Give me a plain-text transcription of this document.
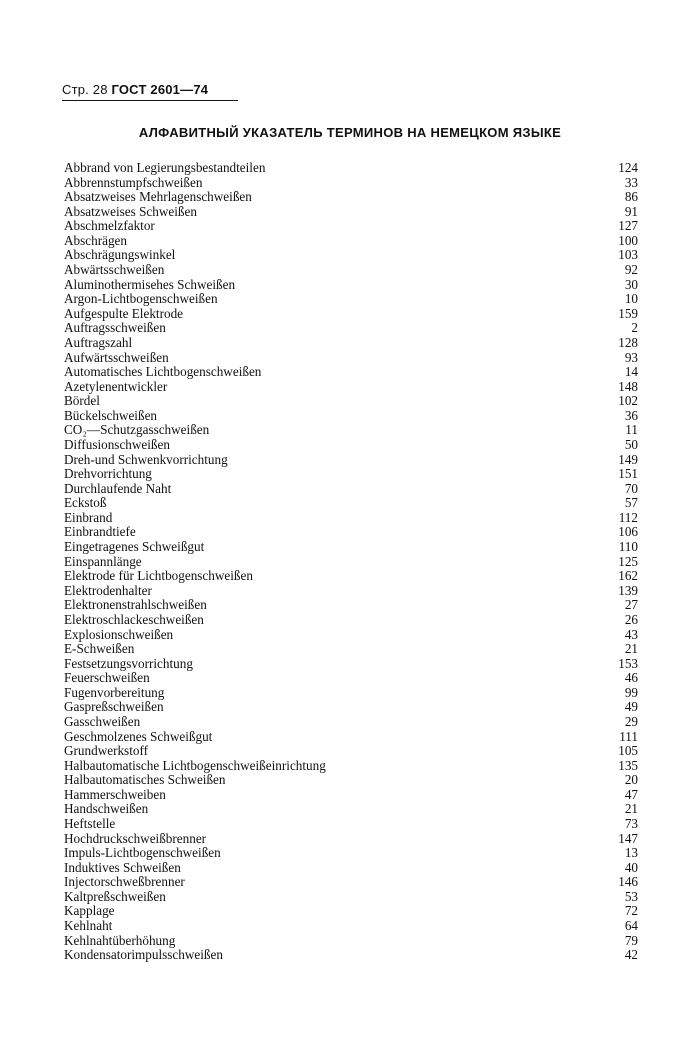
Стр. 28 ГОСТ 2601—74
АЛФАВИТНЫЙ УКАЗАТЕЛЬ ТЕРМИНОВ НА НЕМЕЦКОМ ЯЗЫКЕ
Abbrand von Legierungsbestandteilen	124
Abbrennstumpfschweißen	33
Absatzweises Mehrlagenschweißen	86
Absatzweises Schweißen	91
Abschmelzfaktor	127
Abschrägen	100
Abschrägungswinkel	103
Abwärtsschweißen	92
Aluminothermisehes Schweißen	30
Argon-Lichtbogenschweißen	10
Aufgespulte Elektrode	159
Auftragsschweißen	2
Auftragszahl	128
Aufwärtsschweißen	93
Automatisches Lichtbogenschweißen	14
Azetylenentwickler	148
Bördel	102
Bückelschweißen	36
CO₂—Schutzgasschweißen	11
Diffusionschweißen	50
Dreh-und Schwenkvorrichtung	149
Drehvorrichtung	151
Durchlaufende Naht	70
Eckstoß	57
Einbrand	112
Einbrandtiefe	106
Eingetragenes Schweißgut	110
Einspannlänge	125
Elektrode für Lichtbogenschweißen	162
Elektrodenhalter	139
Elektronenstrahlschweißen	27
Elektroschlackeschweißen	26
Explosionschweißen	43
E-Schweißen	21
Festsetzungsvorrichtung	153
Feuerschweißen	46
Fugenvorbereitung	99
Gaspreßschweißen	49
Gasschweißen	29
Geschmolzenes Schweißgut	111
Grundwerkstoff	105
Halbautomatische Lichtbogenschweißeinrichtung	135
Halbautomatisches Schweißen	20
Hammerschweiben	47
Handschweißen	21
Heftstelle	73
Hochdruckschweißbrenner	147
Impuls-Lichtbogenschweißen	13
Induktives Schweißen	40
Injectorschweßbrenner	146
Kaltpreßschweißen	53
Kapplage	72
Kehlnaht	64
Kehlnahtüberhöhung	79
Kondensatorimpulsschweißen	42
